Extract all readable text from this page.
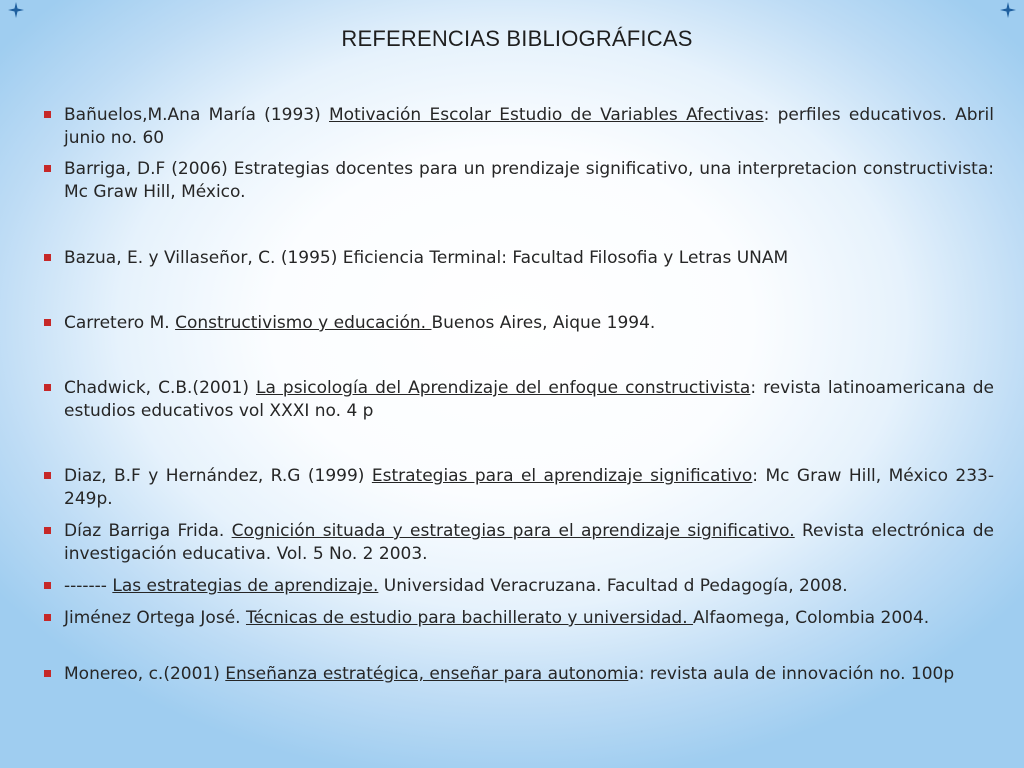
REFERENCIAS BIBLIOGRÁFICAS
Bañuelos,M.Ana María (1993) Motivación Escolar Estudio de Variables Afectivas: perfiles educativos. Abril junio no. 60
Barriga, D.F (2006) Estrategias docentes para un prendizaje significativo, una interpretacion constructivista: Mc Graw Hill, México.
Bazua, E. y Villaseñor, C. (1995) Eficiencia Terminal: Facultad Filosofia y Letras UNAM
Carretero M. Constructivismo y educación. Buenos Aires, Aique 1994.
Chadwick, C.B.(2001) La psicología del Aprendizaje del enfoque constructivista: revista latinoamericana de estudios educativos vol XXXI no. 4 p
Diaz, B.F y Hernández, R.G (1999) Estrategias para el aprendizaje significativo: Mc Graw Hill, México 233-249p.
Díaz Barriga Frida. Cognición situada y estrategias para el aprendizaje significativo. Revista electrónica de investigación educativa. Vol. 5 No. 2 2003.
------- Las estrategias de aprendizaje. Universidad Veracruzana. Facultad d Pedagogía, 2008.
Jiménez Ortega José. Técnicas de estudio para bachillerato y universidad. Alfaomega, Colombia 2004.
Monereo, c.(2001) Enseñanza estratégica, enseñar para autonomia: revista aula de innovación no. 100p
